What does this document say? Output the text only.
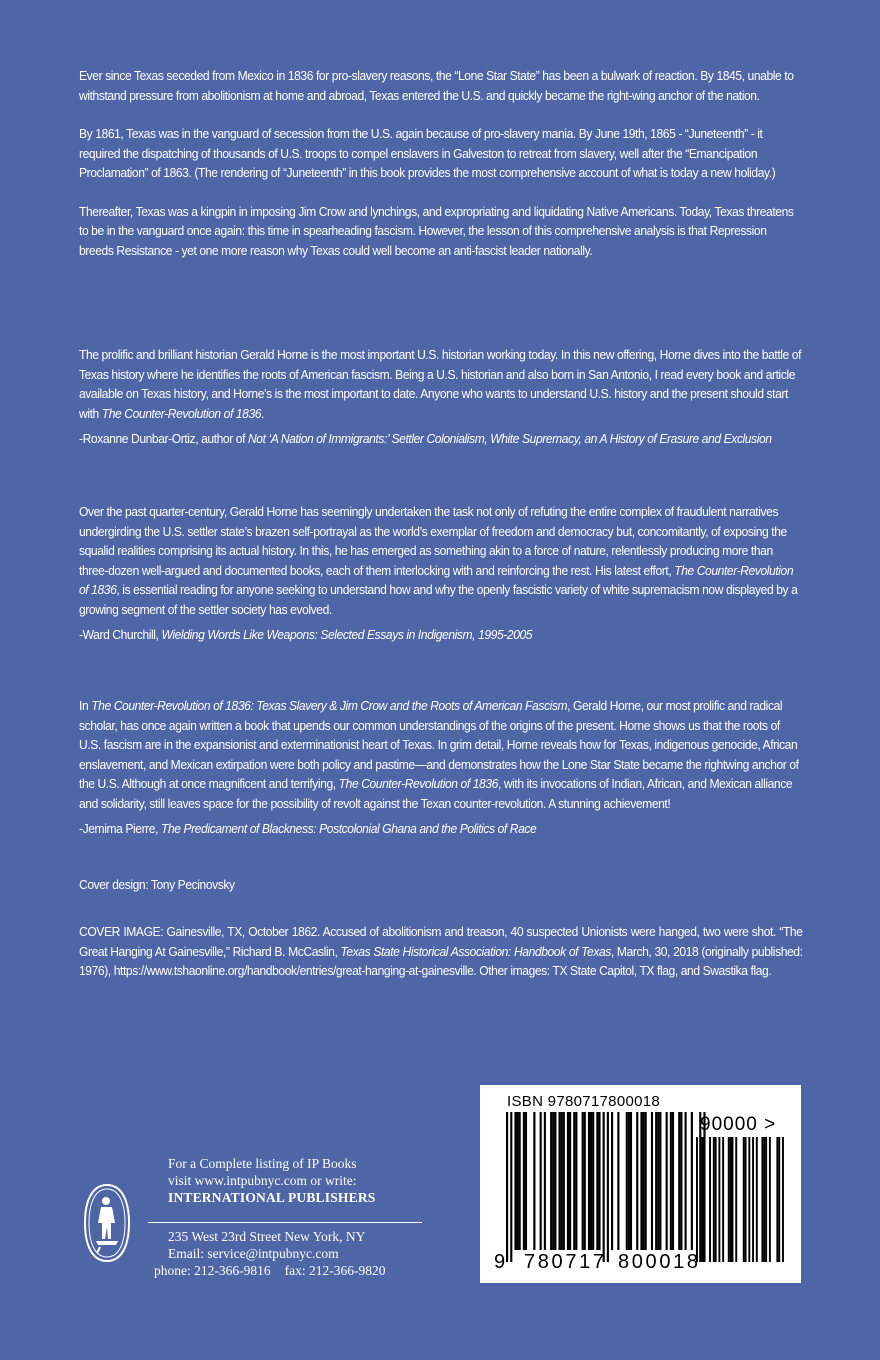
Ever since Texas seceded from Mexico in 1836 for pro-slavery reasons, the “Lone Star State” has been a bulwark of reaction. By 1845, unable to withstand pressure from abolitionism at home and abroad, Texas entered the U.S. and quickly became the right-wing anchor of the nation.

By 1861, Texas was in the vanguard of secession from the U.S. again because of pro-slavery mania. By June 19th, 1865 - “Juneteenth” - it required the dispatching of thousands of U.S. troops to compel enslavers in Galveston to retreat from slavery, well after the “Emancipation Proclamation” of 1863. (The rendering of “Juneteenth” in this book provides the most comprehensive account of what is today a new holiday.)

Thereafter, Texas was a kingpin in imposing Jim Crow and lynchings, and expropriating and liquidating Native Americans. Today, Texas threatens to be in the vanguard once again: this time in spearheading fascism. However, the lesson of this comprehensive analysis is that Repression breeds Resistance - yet one more reason why Texas could well become an anti-fascist leader nationally.

The prolific and brilliant historian Gerald Horne is the most important U.S. historian working today. In this new offering, Horne dives into the battle of Texas history where he identifies the roots of American fascism. Being a U.S. historian and also born in San Antonio, I read every book and article available on Texas history, and Horne’s is the most important to date. Anyone who wants to understand U.S. history and the present should start with The Counter-Revolution of 1836.

-Roxanne Dunbar-Ortiz, author of Not ‘A Nation of Immigrants:’ Settler Colonialism, White Supremacy, an A History of Erasure and Exclusion

Over the past quarter-century, Gerald Horne has seemingly undertaken the task not only of refuting the entire complex of fraudulent narratives undergirding the U.S. settler state’s brazen self-portrayal as the world’s exemplar of freedom and democracy but, concomitantly, of exposing the squalid realities comprising its actual history. In this, he has emerged as something akin to a force of nature, relentlessly producing more than three-dozen well-argued and documented books, each of them interlocking with and reinforcing the rest. His latest effort, The Counter-Revolution of 1836, is essential reading for anyone seeking to understand how and why the openly fascistic variety of white supremacism now displayed by a growing segment of the settler society has evolved.

-Ward Churchill, Wielding Words Like Weapons: Selected Essays in Indigenism, 1995-2005

In The Counter-Revolution of 1836: Texas Slavery & Jim Crow and the Roots of American Fascism, Gerald Horne, our most prolific and radical scholar, has once again written a book that upends our common understandings of the origins of the present. Horne shows us that the roots of U.S. fascism are in the expansionist and exterminationist heart of Texas. In grim detail, Horne reveals how for Texas, indigenous genocide, African enslavement, and Mexican extirpation were both policy and pastime—and demonstrates how the Lone Star State became the rightwing anchor of the U.S. Although at once magnificent and terrifying, The Counter-Revolution of 1836, with its invocations of Indian, African, and Mexican alliance and solidarity, still leaves space for the possibility of revolt against the Texan counter-revolution. A stunning achievement!

-Jemima Pierre, The Predicament of Blackness: Postcolonial Ghana and the Politics of Race

Cover design: Tony Pecinovsky

COVER IMAGE: Gainesville, TX, October 1862. Accused of abolitionism and treason, 40 suspected Unionists were hanged, two were shot. “The Great Hanging At Gainesville,” Richard B. McCaslin, Texas State Historical Association: Handbook of Texas, March, 30, 2018 (originally published: 1976), https://www.tshaonline.org/handbook/entries/great-hanging-at-gainesville. Other images: TX State Capitol, TX flag, and Swastika flag.

For a Complete listing of IP Books
visit www.intpubnyc.com or write:
INTERNATIONAL PUBLISHERS
235 West 23rd Street New York, NY
Email: service@intpubnyc.com
phone: 212-366-9816 fax: 212-366-9820	9 780717 800018
ISBN 9780717800018
90000 >
